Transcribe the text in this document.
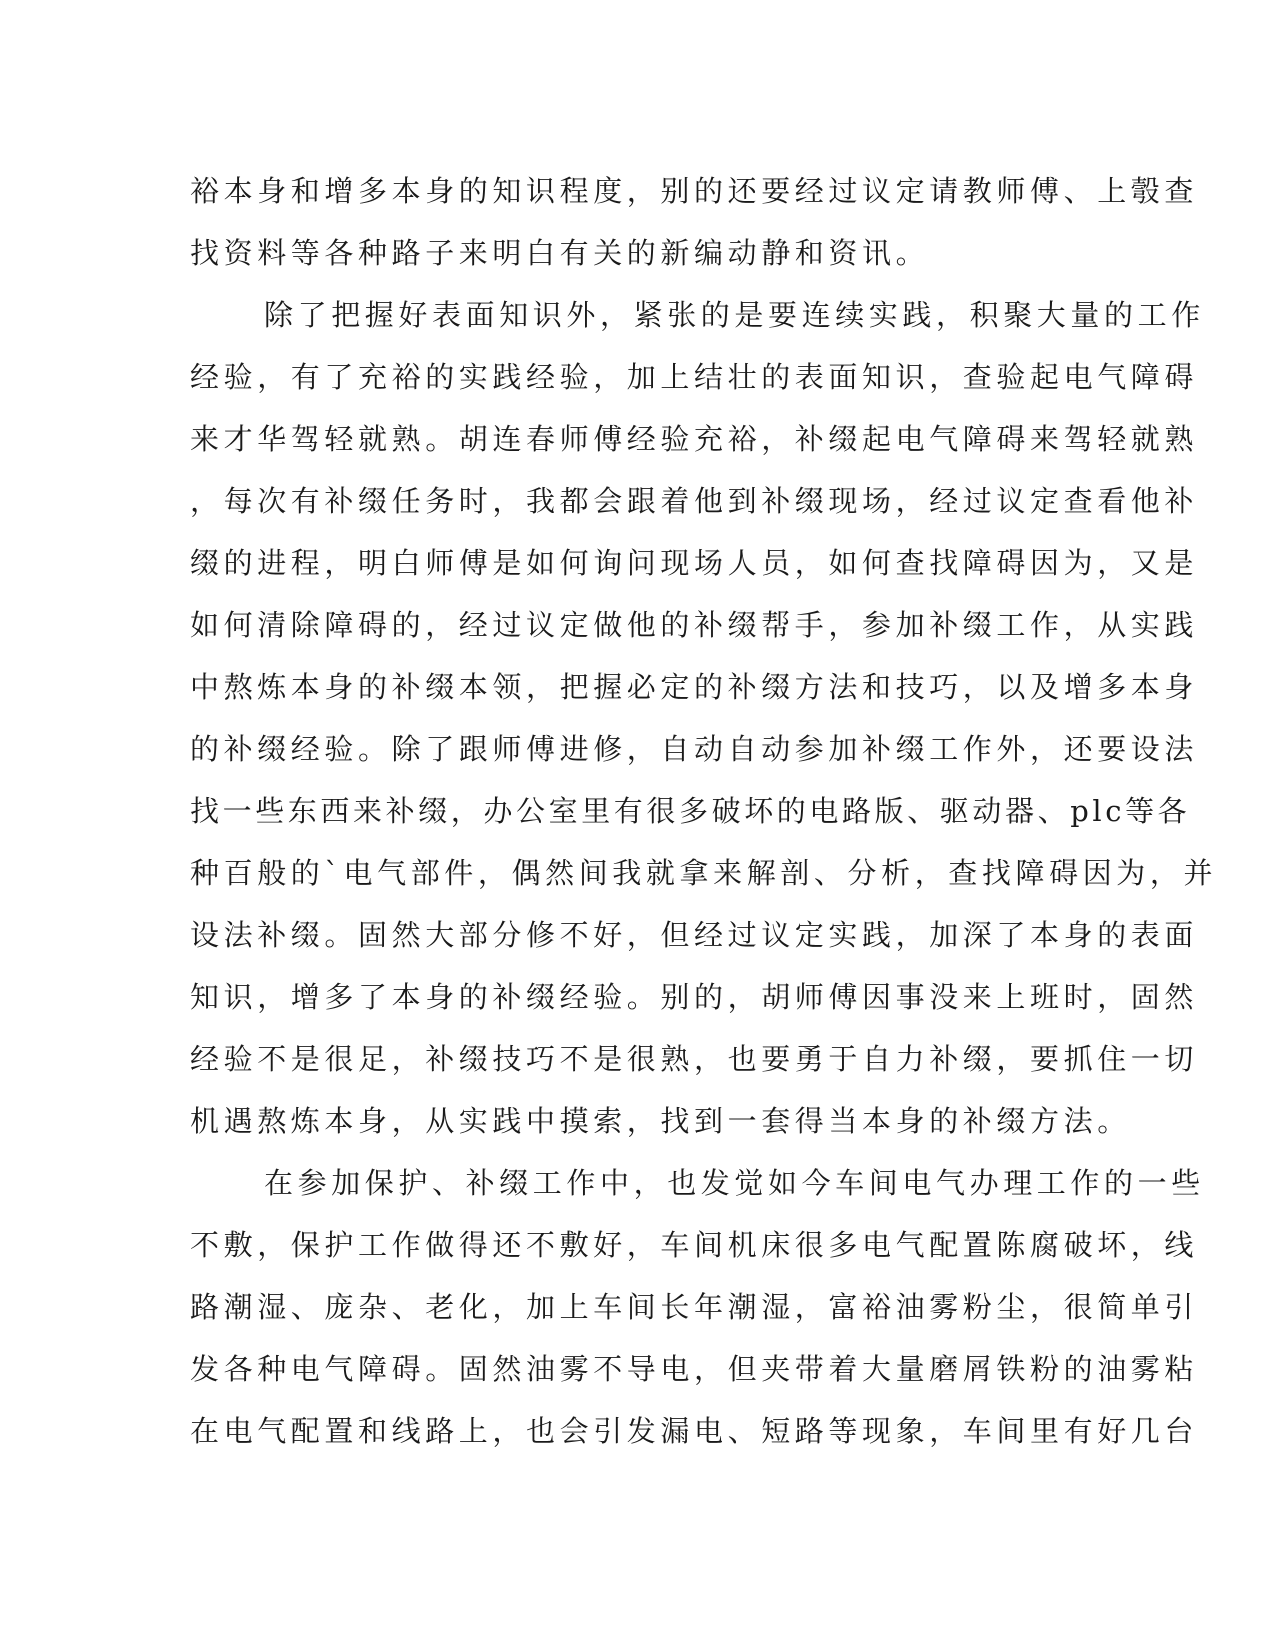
裕本身和增多本身的知识程度，别的还要经过议定请教师傅、上彀查
找资料等各种路子来明白有关的新编动静和资讯。
除了把握好表面知识外，紧张的是要连续实践，积聚大量的工作
经验，有了充裕的实践经验，加上结壮的表面知识，查验起电气障碍
来才华驾轻就熟。胡连春师傅经验充裕，补缀起电气障碍来驾轻就熟
，每次有补缀任务时，我都会跟着他到补缀现场，经过议定查看他补
缀的进程，明白师傅是如何询问现场人员，如何查找障碍因为，又是
如何清除障碍的，经过议定做他的补缀帮手，参加补缀工作，从实践
中熬炼本身的补缀本领，把握必定的补缀方法和技巧，以及增多本身
的补缀经验。除了跟师傅进修，自动自动参加补缀工作外，还要设法
找一些东西来补缀，办公室里有很多破坏的电路版、驱动器、plc等各
种百般的`电气部件，偶然间我就拿来解剖、分析，查找障碍因为，并
设法补缀。固然大部分修不好，但经过议定实践，加深了本身的表面
知识，增多了本身的补缀经验。别的，胡师傅因事没来上班时，固然
经验不是很足，补缀技巧不是很熟，也要勇于自力补缀，要抓住一切
机遇熬炼本身，从实践中摸索，找到一套得当本身的补缀方法。
在参加保护、补缀工作中，也发觉如今车间电气办理工作的一些
不敷，保护工作做得还不敷好，车间机床很多电气配置陈腐破坏，线
路潮湿、庞杂、老化，加上车间长年潮湿，富裕油雾粉尘，很简单引
发各种电气障碍。固然油雾不导电，但夹带着大量磨屑铁粉的油雾粘
在电气配置和线路上，也会引发漏电、短路等现象，车间里有好几台
